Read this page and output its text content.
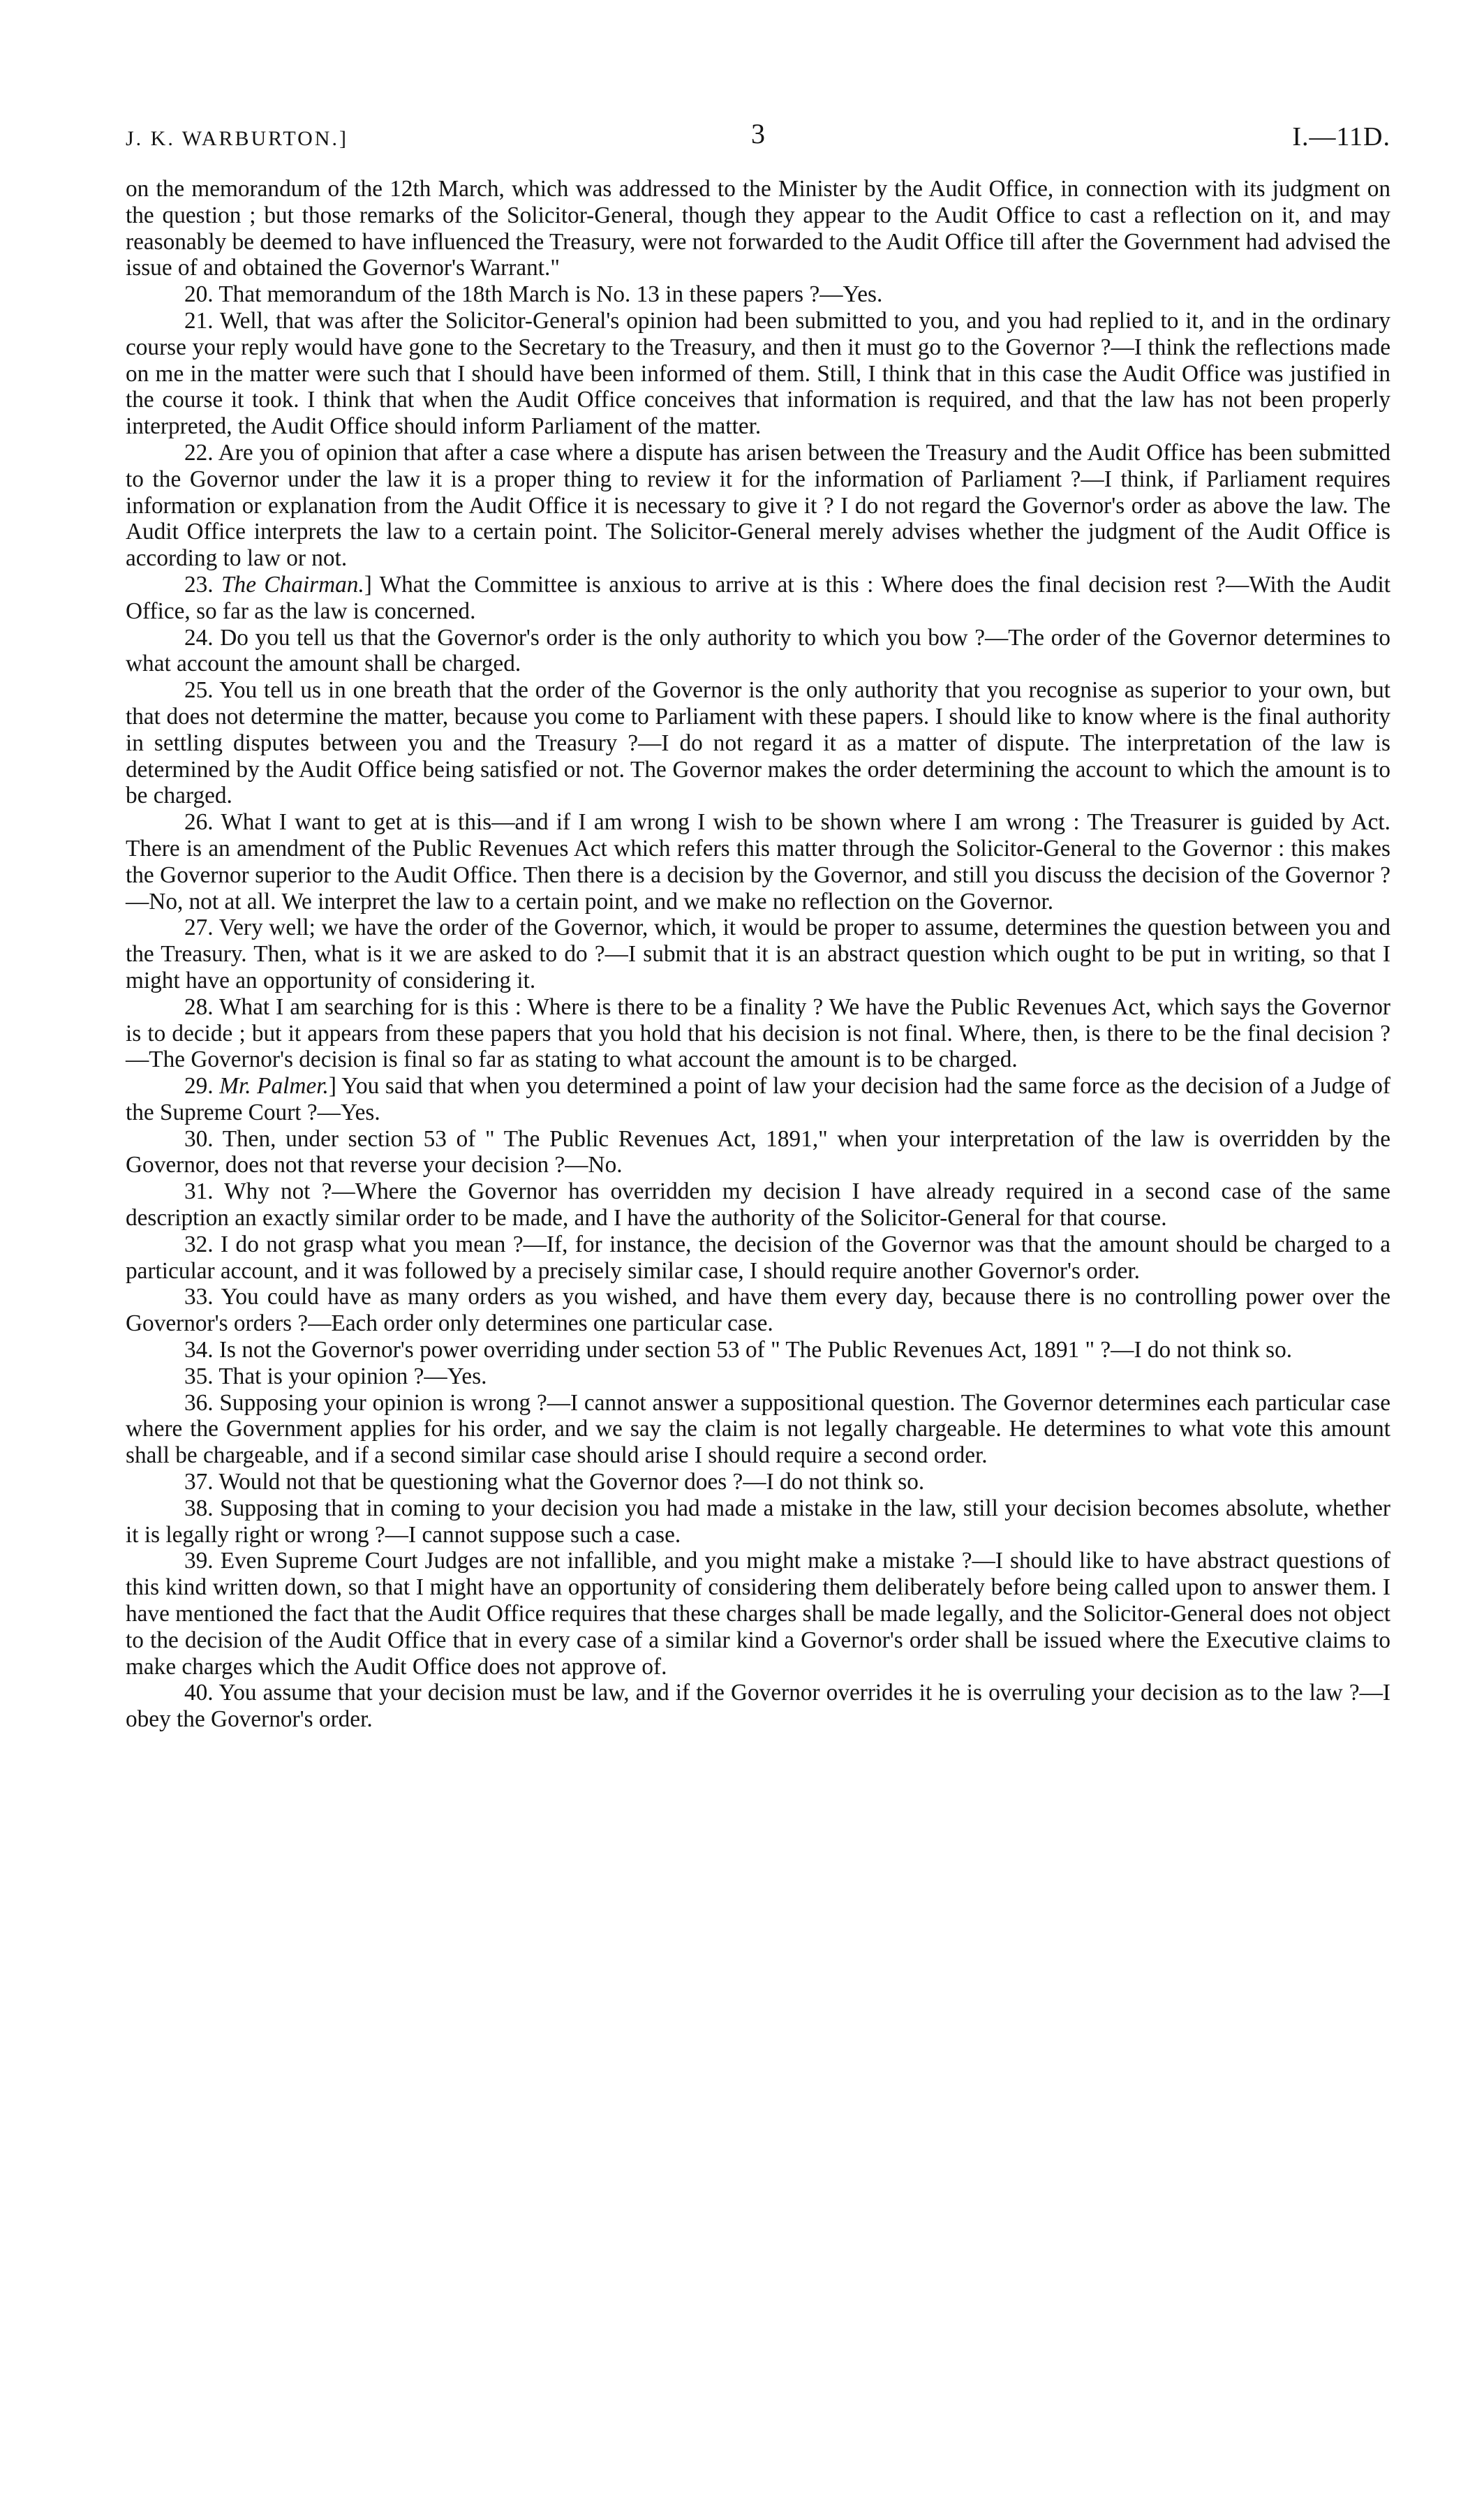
J. K. WARBURTON.]	3	I.—11D.

on the memorandum of the 12th March, which was addressed to the Minister by the Audit Office, in connection with its judgment on the question ; but those remarks of the Solicitor-General, though they appear to the Audit Office to cast a reflection on it, and may reasonably be deemed to have influenced the Treasury, were not forwarded to the Audit Office till after the Government had advised the issue of and obtained the Governor's Warrant."

20. That memorandum of the 18th March is No. 13 in these papers ?—Yes.

21. Well, that was after the Solicitor-General's opinion had been submitted to you, and you had replied to it, and in the ordinary course your reply would have gone to the Secretary to the Treasury, and then it must go to the Governor ?—I think the reflections made on me in the matter were such that I should have been informed of them. Still, I think that in this case the Audit Office was justified in the course it took. I think that when the Audit Office conceives that information is required, and that the law has not been properly interpreted, the Audit Office should inform Parliament of the matter.

22. Are you of opinion that after a case where a dispute has arisen between the Treasury and the Audit Office has been submitted to the Governor under the law it is a proper thing to review it for the information of Parliament ?—I think, if Parliament requires information or explanation from the Audit Office it is necessary to give it ? I do not regard the Governor's order as above the law. The Audit Office interprets the law to a certain point. The Solicitor-General merely advises whether the judgment of the Audit Office is according to law or not.

23. The Chairman.] What the Committee is anxious to arrive at is this : Where does the final decision rest ?—With the Audit Office, so far as the law is concerned.

24. Do you tell us that the Governor's order is the only authority to which you bow ?—The order of the Governor determines to what account the amount shall be charged.

25. You tell us in one breath that the order of the Governor is the only authority that you recognise as superior to your own, but that does not determine the matter, because you come to Parliament with these papers. I should like to know where is the final authority in settling disputes between you and the Treasury ?—I do not regard it as a matter of dispute. The interpretation of the law is determined by the Audit Office being satisfied or not. The Governor makes the order determining the account to which the amount is to be charged.

26. What I want to get at is this—and if I am wrong I wish to be shown where I am wrong : The Treasurer is guided by Act. There is an amendment of the Public Revenues Act which refers this matter through the Solicitor-General to the Governor : this makes the Governor superior to the Audit Office. Then there is a decision by the Governor, and still you discuss the decision of the Governor ?—No, not at all. We interpret the law to a certain point, and we make no reflection on the Governor.

27. Very well; we have the order of the Governor, which, it would be proper to assume, determines the question between you and the Treasury. Then, what is it we are asked to do ?—I submit that it is an abstract question which ought to be put in writing, so that I might have an opportunity of considering it.

28. What I am searching for is this : Where is there to be a finality ? We have the Public Revenues Act, which says the Governor is to decide ; but it appears from these papers that you hold that his decision is not final. Where, then, is there to be the final decision ?—The Governor's decision is final so far as stating to what account the amount is to be charged.

29. Mr. Palmer.] You said that when you determined a point of law your decision had the same force as the decision of a Judge of the Supreme Court ?—Yes.

30. Then, under section 53 of " The Public Revenues Act, 1891," when your interpretation of the law is overridden by the Governor, does not that reverse your decision ?—No.

31. Why not ?—Where the Governor has overridden my decision I have already required in a second case of the same description an exactly similar order to be made, and I have the authority of the Solicitor-General for that course.

32. I do not grasp what you mean ?—If, for instance, the decision of the Governor was that the amount should be charged to a particular account, and it was followed by a precisely similar case, I should require another Governor's order.

33. You could have as many orders as you wished, and have them every day, because there is no controlling power over the Governor's orders ?—Each order only determines one particular case.

34. Is not the Governor's power overriding under section 53 of " The Public Revenues Act, 1891 " ?—I do not think so.

35. That is your opinion ?—Yes.

36. Supposing your opinion is wrong ?—I cannot answer a suppositional question. The Governor determines each particular case where the Government applies for his order, and we say the claim is not legally chargeable. He determines to what vote this amount shall be chargeable, and if a second similar case should arise I should require a second order.

37. Would not that be questioning what the Governor does ?—I do not think so.

38. Supposing that in coming to your decision you had made a mistake in the law, still your decision becomes absolute, whether it is legally right or wrong ?—I cannot suppose such a case.

39. Even Supreme Court Judges are not infallible, and you might make a mistake ?—I should like to have abstract questions of this kind written down, so that I might have an opportunity of considering them deliberately before being called upon to answer them. I have mentioned the fact that the Audit Office requires that these charges shall be made legally, and the Solicitor-General does not object to the decision of the Audit Office that in every case of a similar kind a Governor's order shall be issued where the Executive claims to make charges which the Audit Office does not approve of.

40. You assume that your decision must be law, and if the Governor overrides it he is overruling your decision as to the law ?—I obey the Governor's order.
